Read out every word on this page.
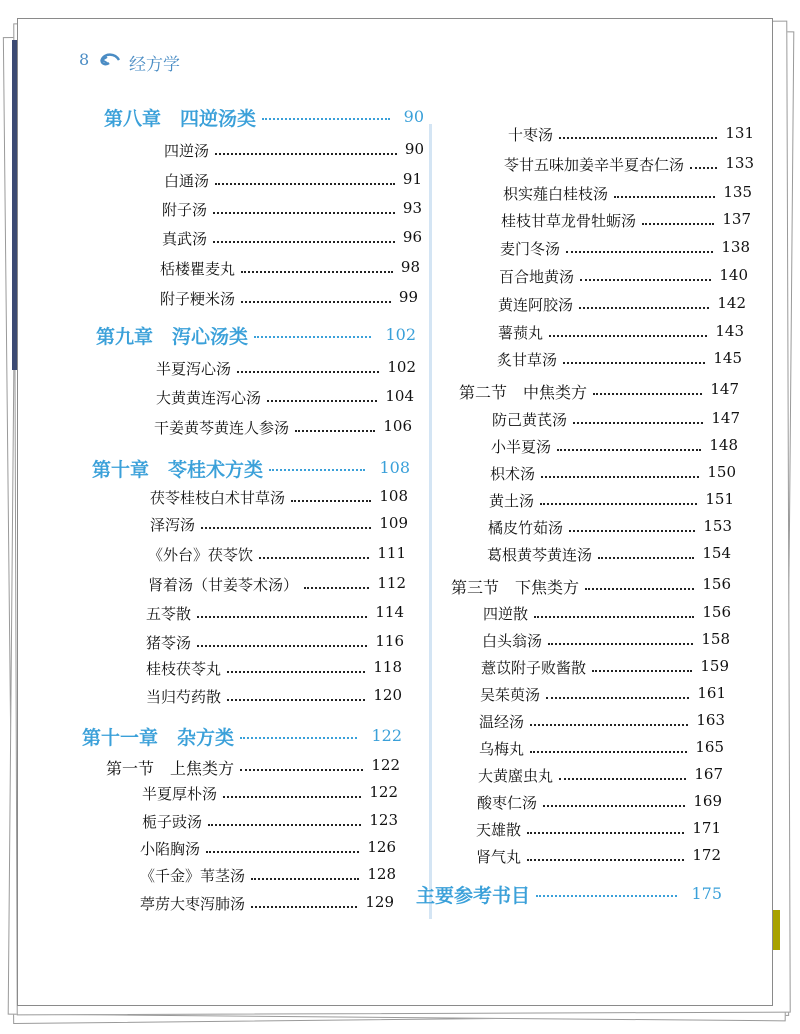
8 经方学
第八章  四逆汤类	90
四逆汤	90
白通汤	91
附子汤	93
真武汤	96
栝楼瞿麦丸	98
附子粳米汤	99
第九章  泻心汤类	102
半夏泻心汤	102
大黄黄连泻心汤	104
干姜黄芩黄连人参汤	106
第十章  苓桂术方类	108
茯苓桂枝白术甘草汤	108
泽泻汤	109
《外台》茯苓饮	111
肾着汤（甘姜苓术汤）	112
五苓散	114
猪苓汤	116
桂枝茯苓丸	118
当归芍药散	120
第十一章  杂方类	122
第一节  上焦类方	122
半夏厚朴汤	122
栀子豉汤	123
小陷胸汤	126
《千金》苇茎汤	128
葶苈大枣泻肺汤	129
十枣汤	131
苓甘五味加姜辛半夏杏仁汤	133
枳实薤白桂枝汤	135
桂枝甘草龙骨牡蛎汤	137
麦门冬汤	138
百合地黄汤	140
黄连阿胶汤	142
薯蓣丸	143
炙甘草汤	145
第二节  中焦类方	147
防己黄芪汤	147
小半夏汤	148
枳术汤	150
黄土汤	151
橘皮竹茹汤	153
葛根黄芩黄连汤	154
第三节  下焦类方	156
四逆散	156
白头翁汤	158
薏苡附子败酱散	159
吴茱萸汤	161
温经汤	163
乌梅丸	165
大黄䗪虫丸	167
酸枣仁汤	169
天雄散	171
肾气丸	172
主要参考书目	175
